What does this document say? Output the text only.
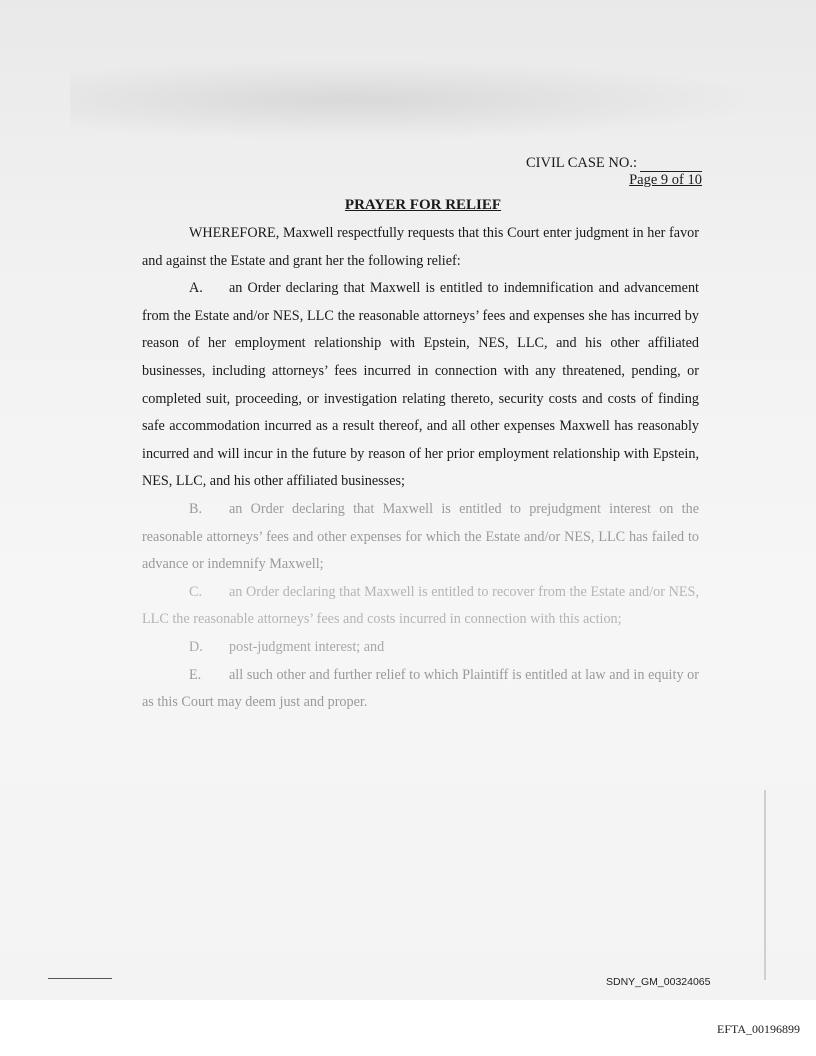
CIVIL CASE NO.:
Page 9 of 10
PRAYER FOR RELIEF

WHEREFORE, Maxwell respectfully requests that this Court enter judgment in her favor and against the Estate and grant her the following relief:

A. an Order declaring that Maxwell is entitled to indemnification and advancement from the Estate and/or NES, LLC the reasonable attorneys’ fees and expenses she has incurred by reason of her employment relationship with Epstein, NES, LLC, and his other affiliated businesses, including attorneys’ fees incurred in connection with any threatened, pending, or completed suit, proceeding, or investigation relating thereto, security costs and costs of finding safe accommodation incurred as a result thereof, and all other expenses Maxwell has reasonably incurred and will incur in the future by reason of her prior employment relationship with Epstein, NES, LLC, and his other affiliated businesses;

B. an Order declaring that Maxwell is entitled to prejudgment interest on the reasonable attorneys’ fees and other expenses for which the Estate and/or NES, LLC has failed to advance or indemnify Maxwell;

C. an Order declaring that Maxwell is entitled to recover from the Estate and/or NES, LLC the reasonable attorneys’ fees and costs incurred in connection with this action;

D. post-judgment interest; and

E. all such other and further relief to which Plaintiff is entitled at law and in equity or as this Court may deem just and proper.

SDNY_GM_00324065
EFTA_00196899
